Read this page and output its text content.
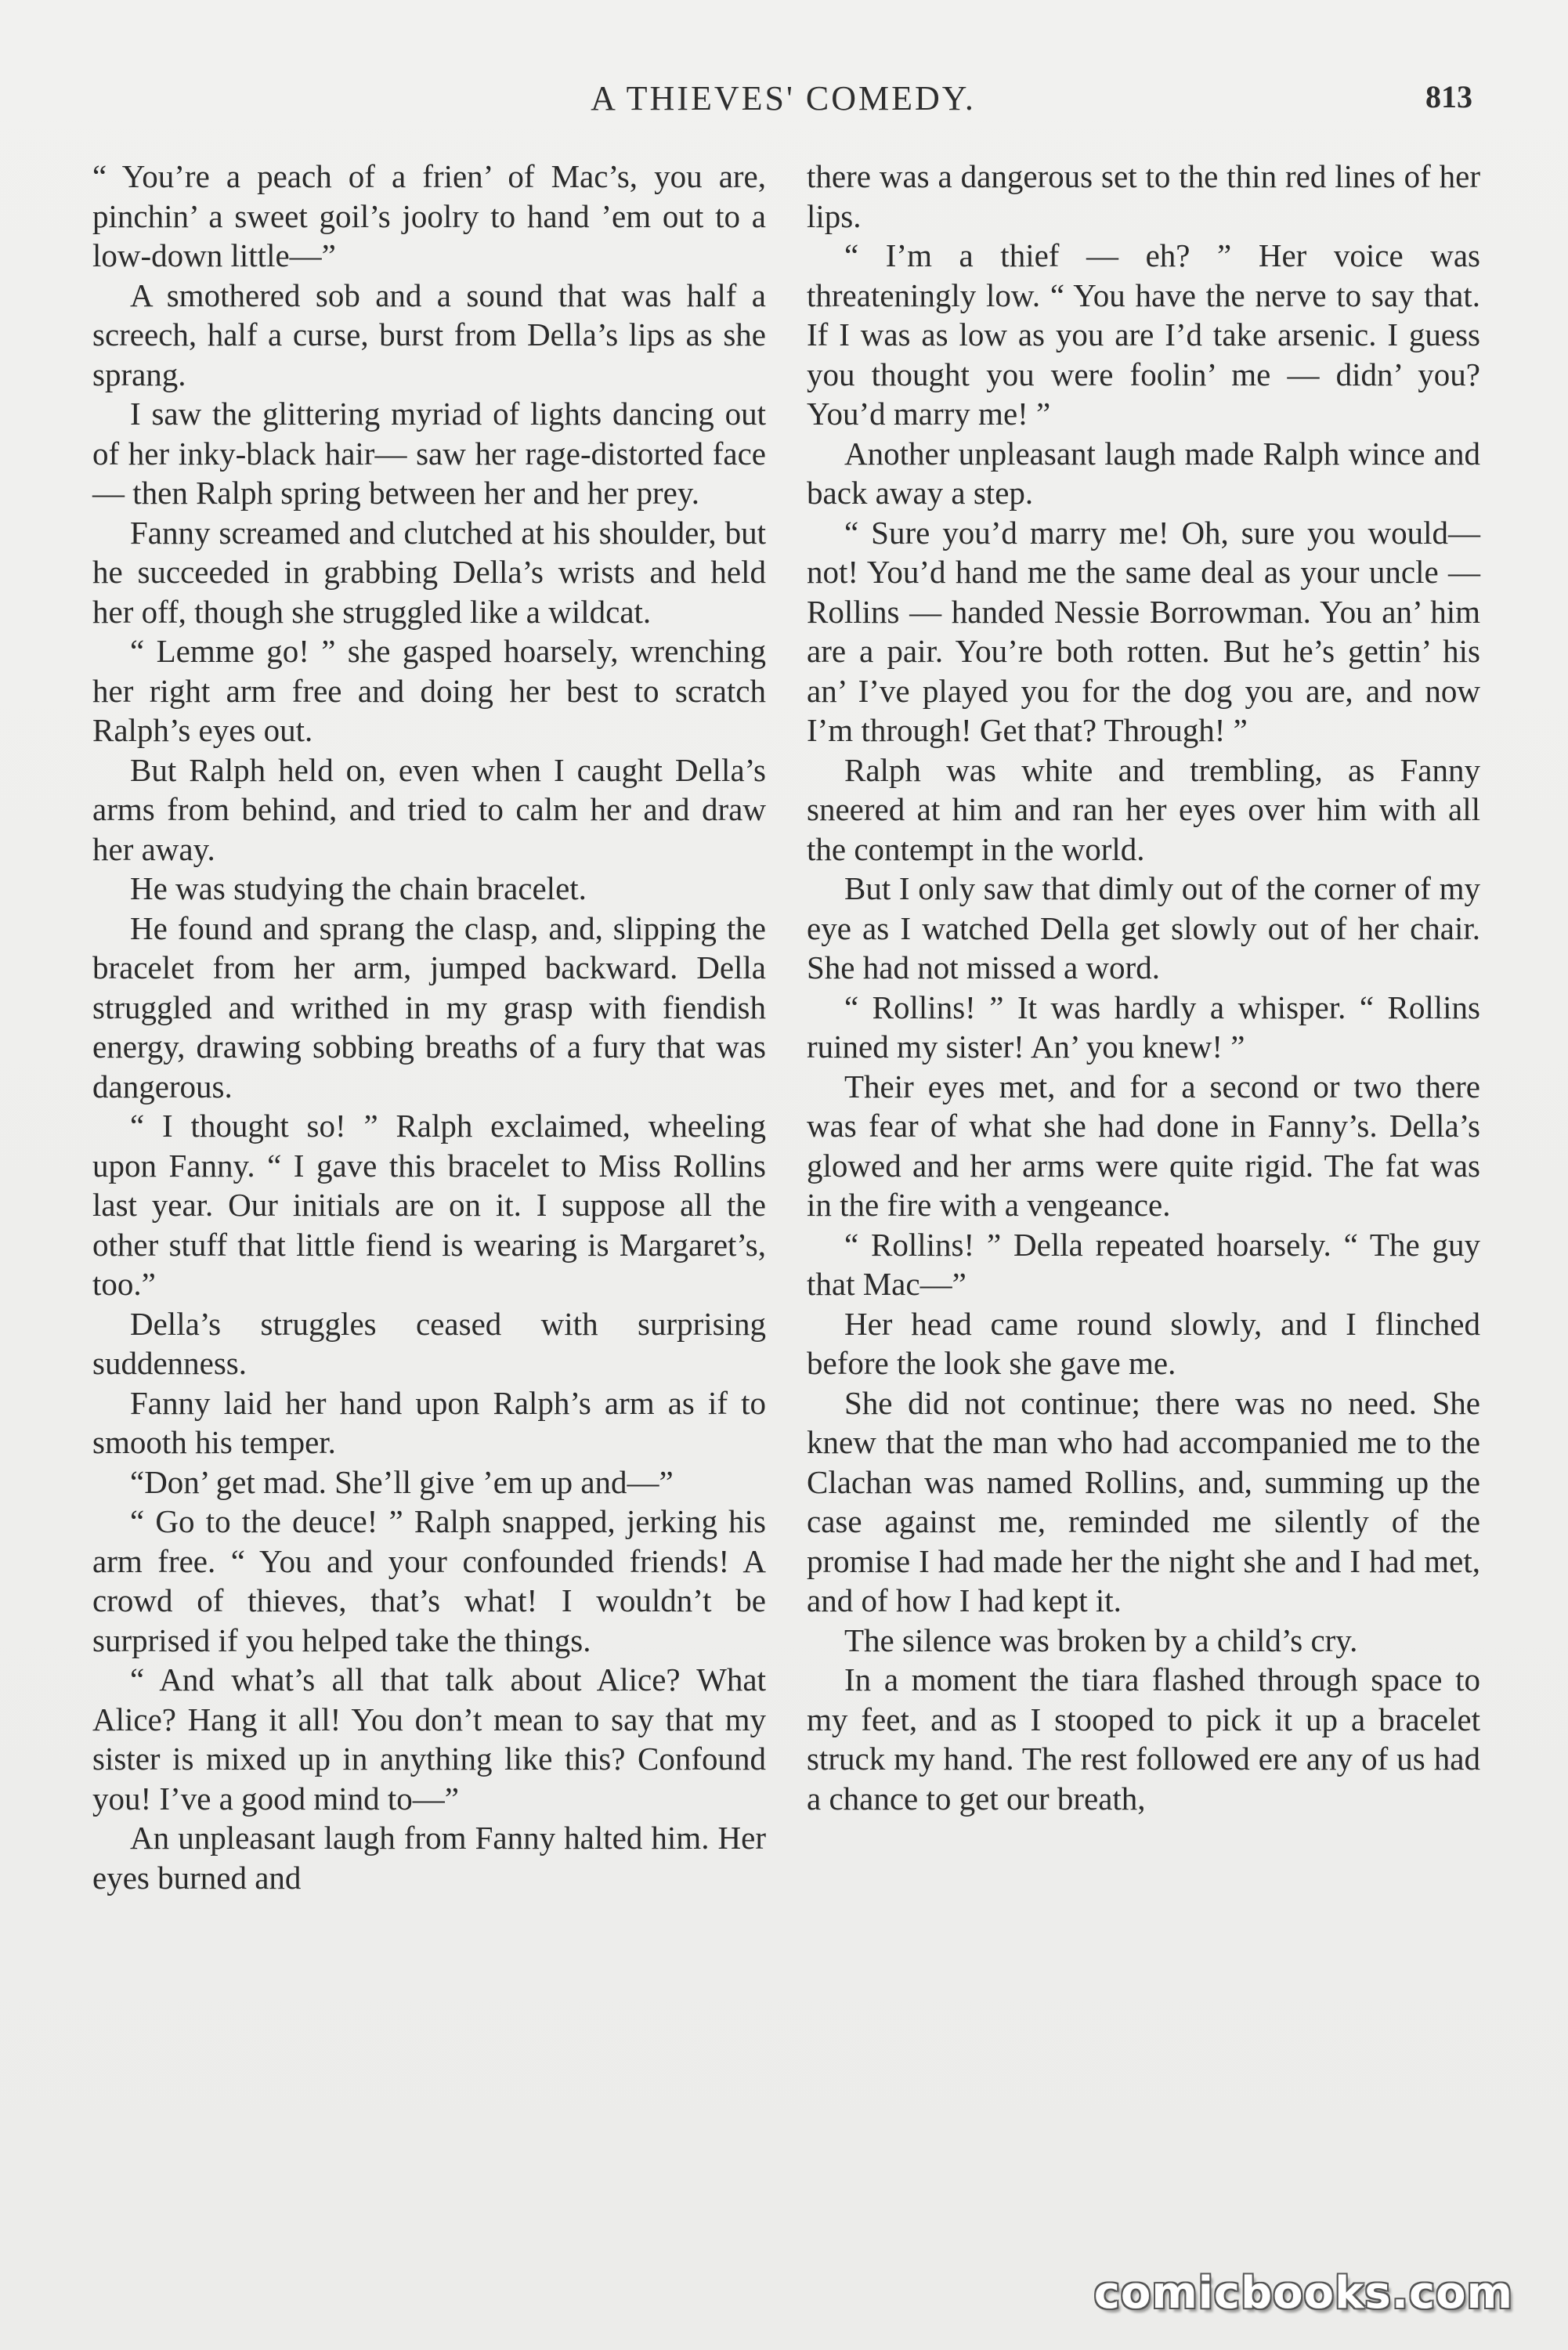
A THIEVES' COMEDY.	813

“ You’re a peach of a frien’ of Mac’s, you are, pinchin’ a sweet goil’s joolry to hand ’em out to a low-down little—”

A smothered sob and a sound that was half a screech, half a curse, burst from Della’s lips as she sprang.

I saw the glittering myriad of lights dancing out of her inky-black hair— saw her rage-distorted face — then Ralph spring between her and her prey.

Fanny screamed and clutched at his shoulder, but he succeeded in grabbing Della’s wrists and held her off, though she struggled like a wildcat.

“ Lemme go! ” she gasped hoarsely, wrenching her right arm free and doing her best to scratch Ralph’s eyes out.

But Ralph held on, even when I caught Della’s arms from behind, and tried to calm her and draw her away.

He was studying the chain bracelet.

He found and sprang the clasp, and, slipping the bracelet from her arm, jumped backward. Della struggled and writhed in my grasp with fiendish energy, drawing sobbing breaths of a fury that was dangerous.

“ I thought so! ” Ralph exclaimed, wheeling upon Fanny. “ I gave this bracelet to Miss Rollins last year. Our initials are on it. I suppose all the other stuff that little fiend is wearing is Margaret’s, too.”

Della’s struggles ceased with surprising suddenness.

Fanny laid her hand upon Ralph’s arm as if to smooth his temper.

“Don’ get mad. She’ll give ’em up and—”

“ Go to the deuce! ” Ralph snapped, jerking his arm free. “ You and your confounded friends! A crowd of thieves, that’s what! I wouldn’t be surprised if you helped take the things.

“ And what’s all that talk about Alice? What Alice? Hang it all! You don’t mean to say that my sister is mixed up in anything like this? Confound you! I’ve a good mind to—”

An unpleasant laugh from Fanny halted him. Her eyes burned and

there was a dangerous set to the thin red lines of her lips.

“ I’m a thief — eh? ” Her voice was threateningly low. “ You have the nerve to say that. If I was as low as you are I’d take arsenic. I guess you thought you were foolin’ me — didn’ you? You’d marry me! ”

Another unpleasant laugh made Ralph wince and back away a step.

“ Sure you’d marry me! Oh, sure you would—not! You’d hand me the same deal as your uncle — Rollins — handed Nessie Borrowman. You an’ him are a pair. You’re both rotten. But he’s gettin’ his an’ I’ve played you for the dog you are, and now I’m through! Get that? Through! ”

Ralph was white and trembling, as Fanny sneered at him and ran her eyes over him with all the contempt in the world.

But I only saw that dimly out of the corner of my eye as I watched Della get slowly out of her chair. She had not missed a word.

“ Rollins! ” It was hardly a whisper. “ Rollins ruined my sister! An’ you knew! ”

Their eyes met, and for a second or two there was fear of what she had done in Fanny’s. Della’s glowed and her arms were quite rigid. The fat was in the fire with a vengeance.

“ Rollins! ” Della repeated hoarsely. “ The guy that Mac—”

Her head came round slowly, and I flinched before the look she gave me.

She did not continue; there was no need. She knew that the man who had accompanied me to the Clachan was named Rollins, and, summing up the case against me, reminded me silently of the promise I had made her the night she and I had met, and of how I had kept it.

The silence was broken by a child’s cry.

In a moment the tiara flashed through space to my feet, and as I stooped to pick it up a bracelet struck my hand. The rest followed ere any of us had a chance to get our breath,

comicbooks.com
